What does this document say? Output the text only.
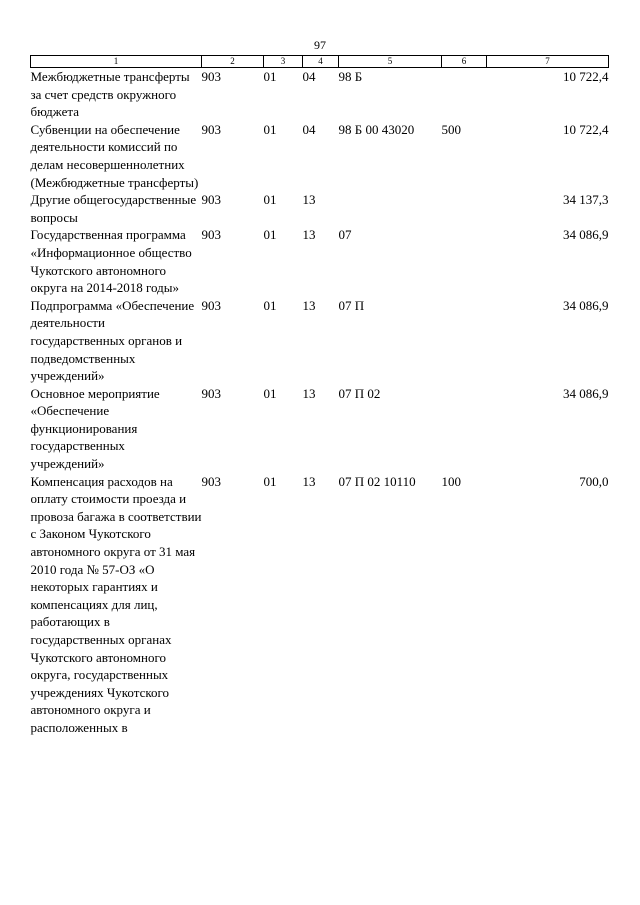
97
1	2	3	4	5	6	7
Межбюджетные трансферты за счет средств окружного бюджета	903	01	04	98 Б		10 722,4
Субвенции на обеспечение деятельности комиссий по делам несовершеннолетних (Межбюджетные трансферты)	903	01	04	98 Б 00 43020	500	10 722,4
Другие общегосударственные вопросы	903	01	13			34 137,3
Государственная программа «Информационное общество Чукотского автономного округа на 2014-2018 годы»	903	01	13	07		34 086,9
Подпрограмма «Обеспечение деятельности государственных органов и подведомственных учреждений»	903	01	13	07 П		34 086,9
Основное мероприятие «Обеспечение функционирования государственных учреждений»	903	01	13	07 П 02		34 086,9
Компенсация расходов на оплату стоимости проезда и провоза багажа в соответствии с Законом Чукотского автономного округа от 31 мая 2010 года № 57-ОЗ «О некоторых гарантиях и компенсациях для лиц, работающих в государственных органах Чукотского автономного округа, государственных учреждениях Чукотского автономного округа и расположенных в	903	01	13	07 П 02 10110	100	700,0
